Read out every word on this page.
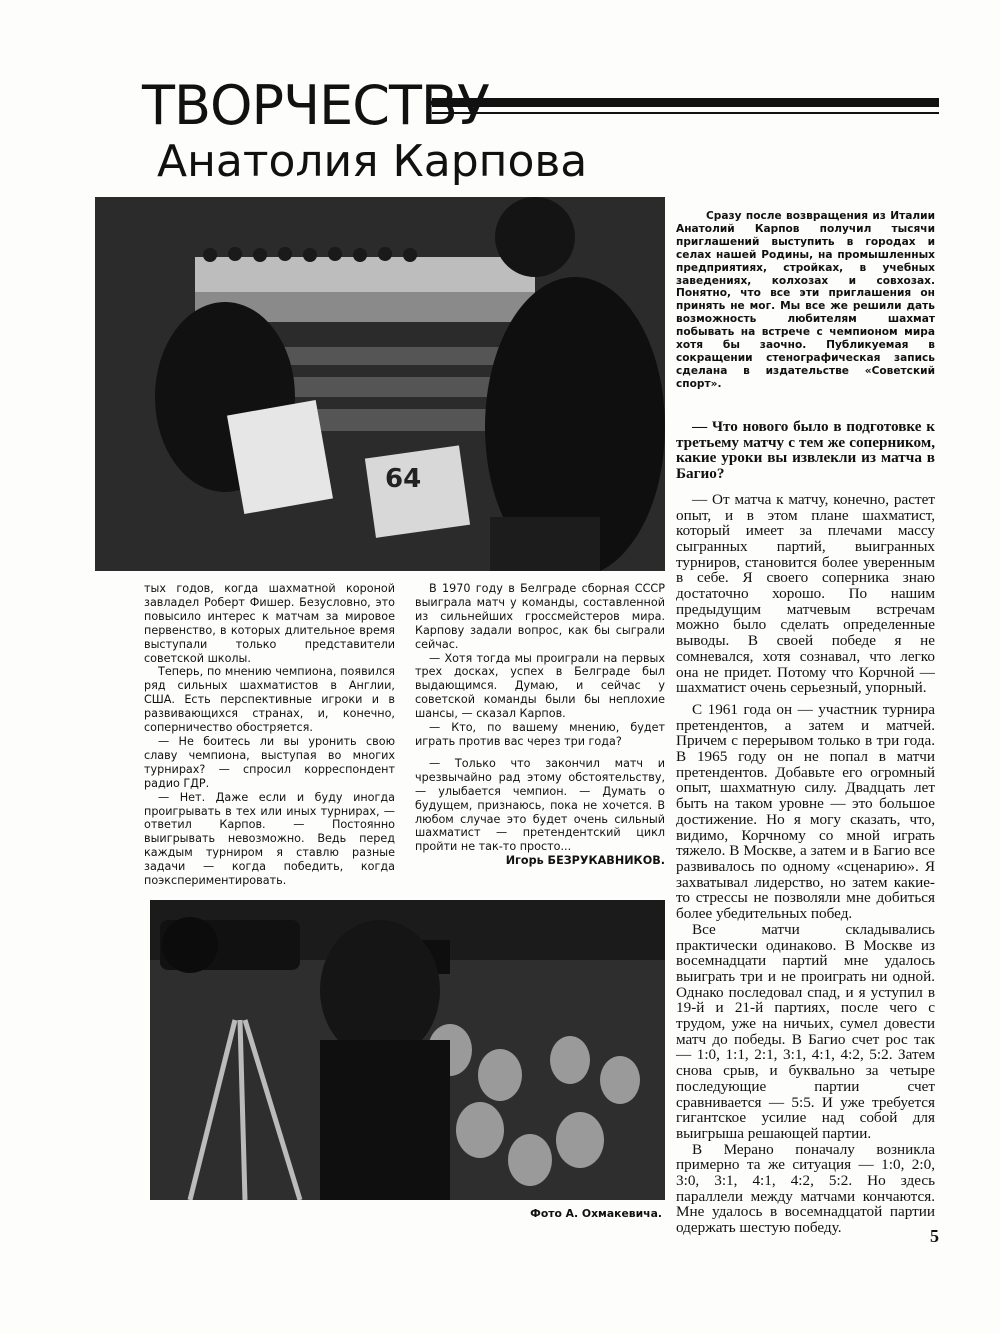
ТВОРЧЕСТВУ
Анатолия Карпова
64

Сразу после возвращения из Италии Анатолий Карпов получил тысячи приглашений выступить в городах и селах нашей Родины, на промышленных предприятиях, стройках, в учебных заведениях, колхозах и совхозах. Понятно, что все эти приглашения он принять не мог. Мы все же решили дать возможность любителям шахмат побывать на встрече с чемпионом мира хотя бы заочно. Публикуемая в сокращении стенографическая запись сделана в издательстве «Советский спорт».

— Что нового было в подготовке к третьему матчу с тем же соперником, какие уроки вы извлекли из матча в Багио?

— От матча к матчу, конечно, растет опыт, и в этом плане шахматист, который имеет за плечами массу сыгранных партий, выигранных турниров, становится более уверенным в себе. Я своего соперника знаю достаточно хорошо. По нашим предыдущим матчевым встречам можно было сделать определенные выводы. В своей победе я не сомневался, хотя сознавал, что легко она не придет. Потому что Корчной — шахматист очень серьезный, упорный.

С 1961 года он — участник турнира претендентов, а затем и матчей. Причем с перерывом только в три года. В 1965 году он не попал в матчи претендентов. Добавьте его огромный опыт, шахматную силу. Двадцать лет быть на таком уровне — это большое достижение. Но я могу сказать, что, видимо, Корчному со мной играть тяжело. В Москве, а затем и в Багио все развивалось по одному «сценарию». Я захватывал лидерство, но затем какие-то стрессы не позволяли мне добиться более убедительных побед.

Все матчи складывались практически одинаково. В Москве из восемнадцати партий мне удалось выиграть три и не проиграть ни одной. Однако последовал спад, и я уступил в 19-й и 21-й партиях, после чего с трудом, уже на ничьих, сумел довести матч до победы. В Багио счет рос так — 1:0, 1:1, 2:1, 3:1, 4:1, 4:2, 5:2. Затем снова срыв, и буквально за четыре последующие партии счет сравнивается — 5:5. И уже требуется гигантское усилие над собой для выигрыша решающей партии.

В Мерано поначалу возникла примерно та же ситуация — 1:0, 2:0, 3:0, 3:1, 4:1, 4:2, 5:2. Но здесь параллели между матчами кончаются. Мне удалось в восемнадцатой партии одержать шестую победу.

тых годов, когда шахматной короной завладел Роберт Фишер. Безусловно, это повысило интерес к матчам за мировое первенство, в которых длительное время выступали только представители советской школы.

Теперь, по мнению чемпиона, появился ряд сильных шахматистов в Англии, США. Есть перспективные игроки и в развивающихся странах, и, конечно, соперничество обостряется.

— Не боитесь ли вы уронить свою славу чемпиона, выступая во многих турнирах? — спросил корреспондент радио ГДР.

— Нет. Даже если и буду иногда проигрывать в тех или иных турнирах, — ответил Карпов. — Постоянно выигрывать невозможно. Ведь перед каждым турниром я ставлю разные задачи — когда победить, когда поэкспериментировать.

В 1970 году в Белграде сборная СССР выиграла матч у команды, составленной из сильнейших гроссмейстеров мира. Карпову задали вопрос, как бы сыграли сейчас.

— Хотя тогда мы проиграли на первых трех досках, успех в Белграде был выдающимся. Думаю, и сейчас у советской команды были бы неплохие шансы, — сказал Карпов.

— Кто, по вашему мнению, будет играть против вас через три года?

— Только что закончил матч и чрезвычайно рад этому обстоятельству, — улыбается чемпион. — Думать о будущем, признаюсь, пока не хочется. В любом случае это будет очень сильный шахматист — претендентский цикл пройти не так-то просто...

Игорь БЕЗРУКАВНИКОВ.

Фото А. Охмакевича.
5
